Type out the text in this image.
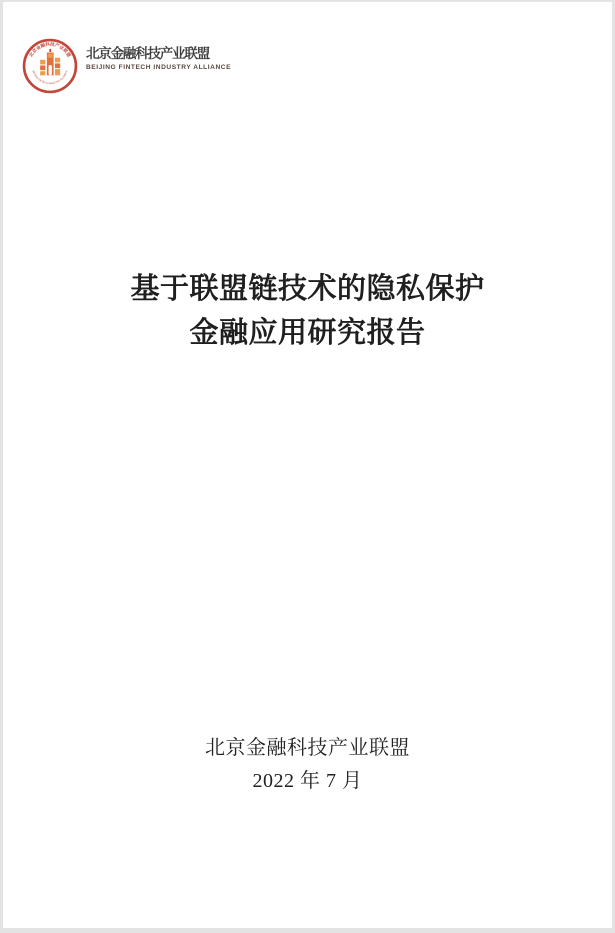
北京金融科技产业联盟
BEIJING FINTECH INDUSTRY ALLIANCE
北京金融科技产业联盟
BEIJING FINTECH INDUSTRY ALLIANCE
基于联盟链技术的隐私保护
金融应用研究报告
北京金融科技产业联盟
2022 年 7 月
